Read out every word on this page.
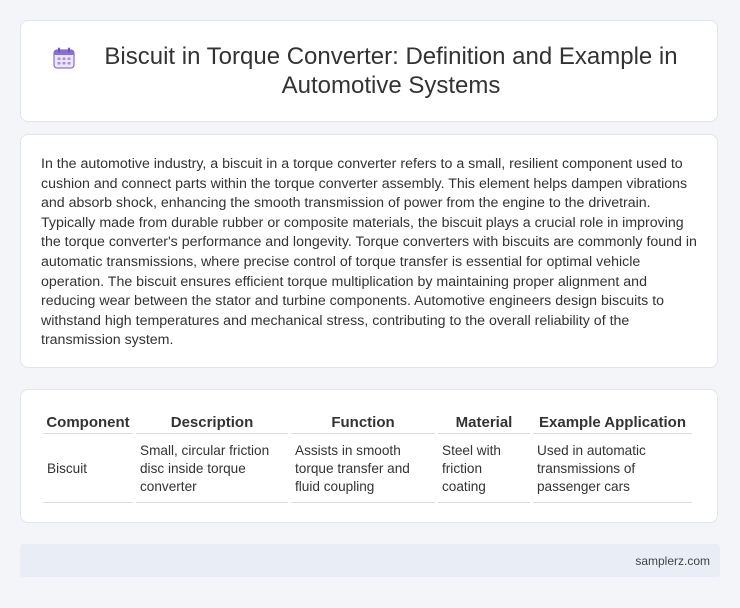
Biscuit in Torque Converter: Definition and Example in Automotive Systems

In the automotive industry, a biscuit in a torque converter refers to a small, resilient component used to cushion and connect parts within the torque converter assembly. This element helps dampen vibrations and absorb shock, enhancing the smooth transmission of power from the engine to the drivetrain. Typically made from durable rubber or composite materials, the biscuit plays a crucial role in improving the torque converter's performance and longevity. Torque converters with biscuits are commonly found in automatic transmissions, where precise control of torque transfer is essential for optimal vehicle operation. The biscuit ensures efficient torque multiplication by maintaining proper alignment and reducing wear between the stator and turbine components. Automotive engineers design biscuits to withstand high temperatures and mechanical stress, contributing to the overall reliability of the transmission system.

Component	Description	Function	Material	Example Application
Biscuit	Small, circular friction disc inside torque converter	Assists in smooth torque transfer and fluid coupling	Steel with friction coating	Used in automatic transmissions of passenger cars
samplerz.com
